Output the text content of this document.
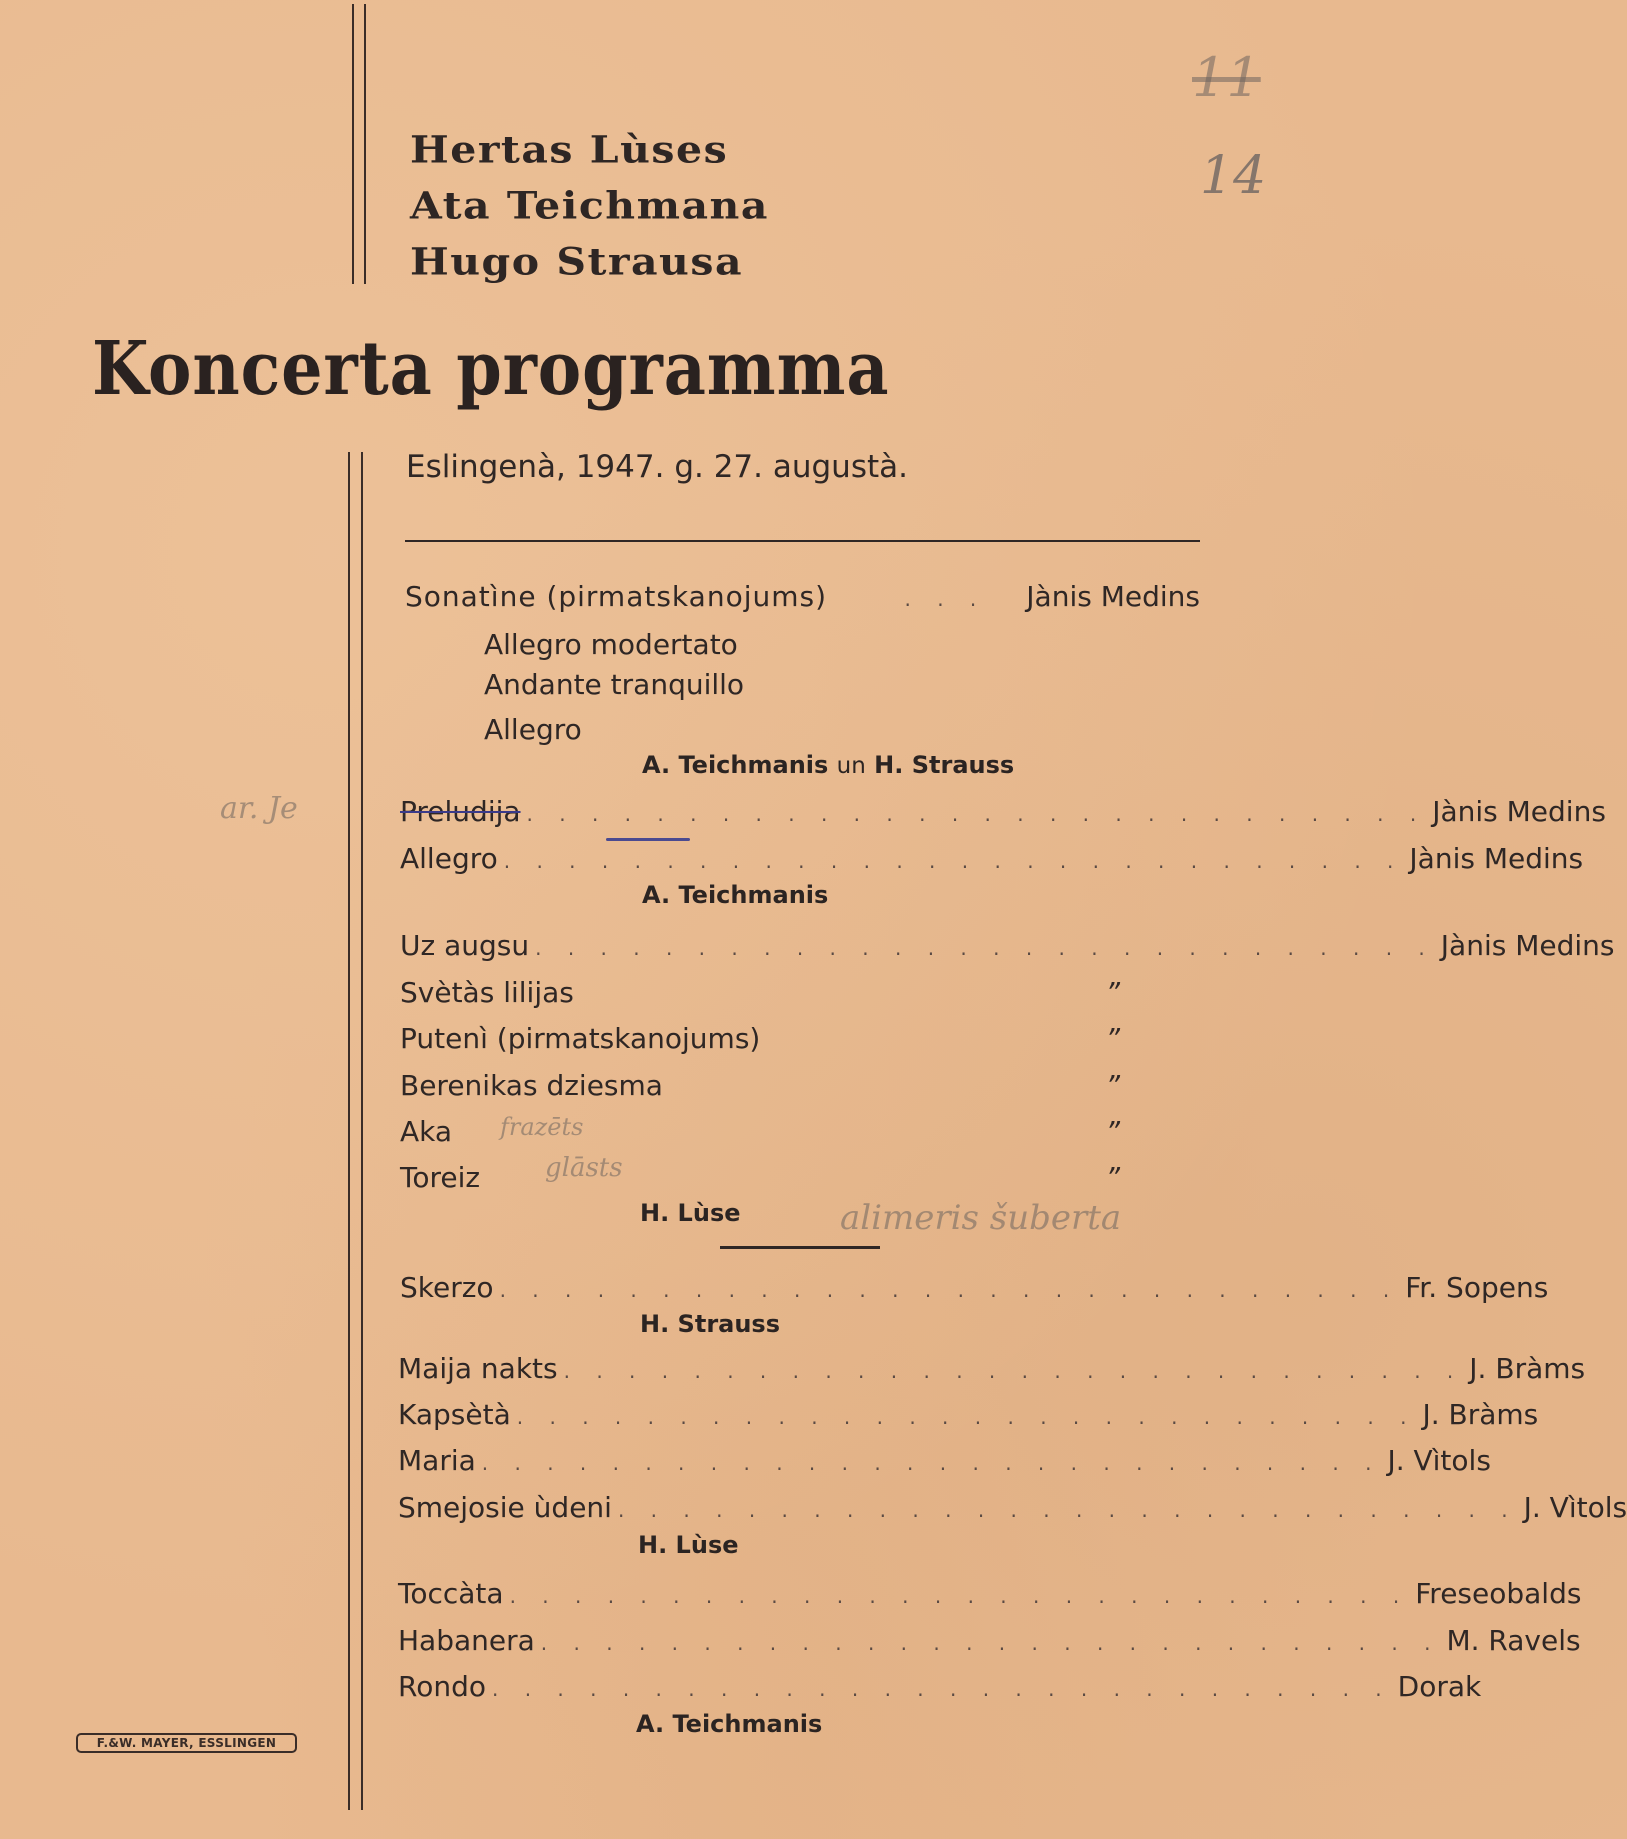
Hertas Lùses
Ata Teichmana
Hugo Strausa
Koncerta programma
Eslingenà, 1947. g. 27. augustà.
Sonatìne (pirmatskanojums)	. . . Jànis Medins
Allegro modertato
Andante tranquillo
Allegro
A. Teichmanis un H. Strauss
Preludija . . . . . . . . . . . . . . . . . . . . . . . . . . . . Jànis Medins
ar. Je
Allegro . . . . . . . . . . . . . . . . . . . . . . . . . . . . Jànis Medins
A. Teichmanis
Uz augsu . . . . . . . . . . . . . . . . . . . . . . . . . . . . Jànis Medins
Svètàs lilijas	”
Putenì (pirmatskanojums)	”
Berenikas dziesma	”
Aka	”
Toreiz	”
H. Lùse
glāsts
frazēts
alimeris šuberta
Skerzo . . . . . . . . . . . . . . . . . . . . . . . . . . . . Fr. Sopens
H. Strauss
Maija nakts . . . . . . . . . . . . . . . . . . . . . . . . . . . . J. Bràms
Kapsètà . . . . . . . . . . . . . . . . . . . . . . . . . . . . J. Bràms
Maria . . . . . . . . . . . . . . . . . . . . . . . . . . . . J. Vìtols
Smejosie ùdeni . . . . . . . . . . . . . . . . . . . . . . . . . . . . J. Vìtols
H. Lùse
Toccàta . . . . . . . . . . . . . . . . . . . . . . . . . . . . Freseobalds
Habanera . . . . . . . . . . . . . . . . . . . . . . . . . . . . M. Ravels
Rondo . . . . . . . . . . . . . . . . . . . . . . . . . . . . Dorak
A. Teichmanis
F.&W. MAYER, ESSLINGEN
11
14
